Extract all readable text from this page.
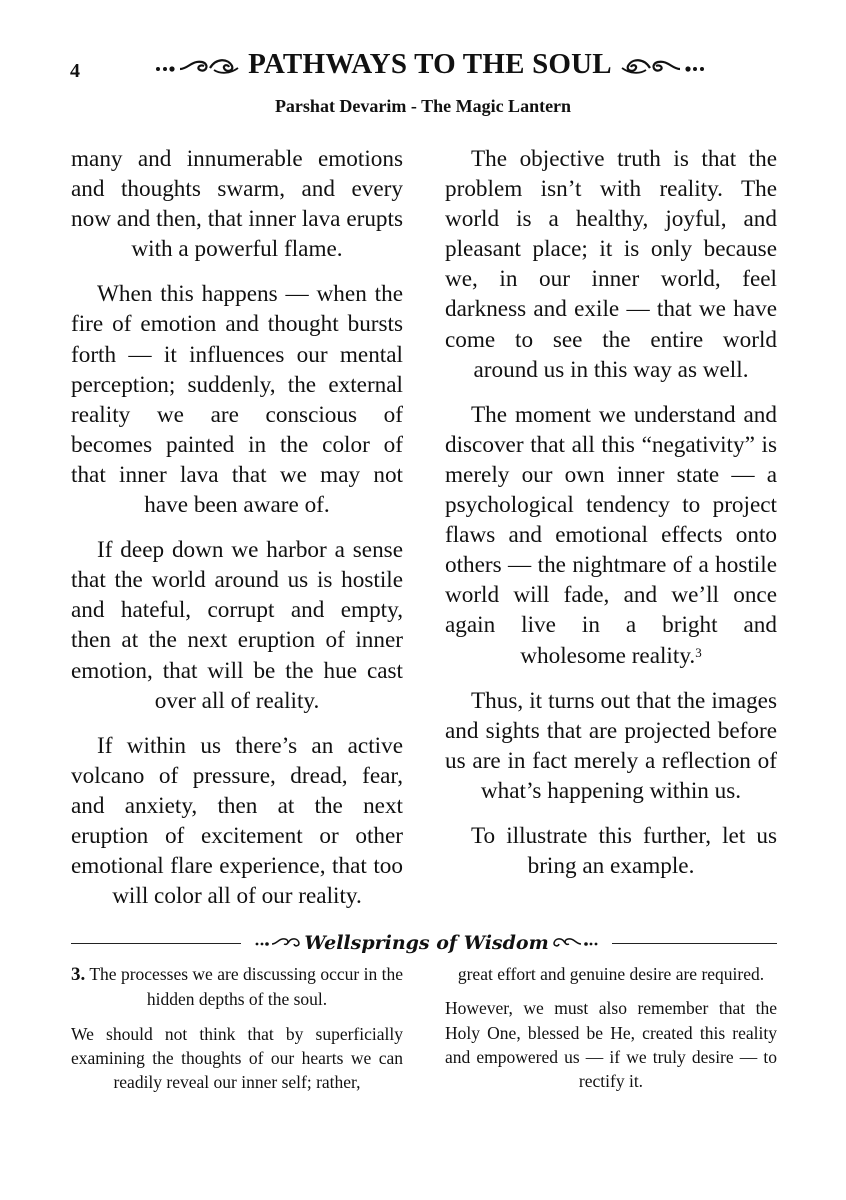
4	PATHWAYS TO THE SOUL
Parshat Devarim - The Magic Lantern

many and innumerable emotions and thoughts swarm, and every now and then, that inner lava erupts with a powerful flame.

When this happens — when the fire of emotion and thought bursts forth — it influences our mental perception; suddenly, the external reality we are conscious of becomes painted in the color of that inner lava that we may not have been aware of.

If deep down we harbor a sense that the world around us is hostile and hateful, corrupt and empty, then at the next eruption of inner emotion, that will be the hue cast over all of reality.

If within us there’s an active volcano of pressure, dread, fear, and anxiety, then at the next eruption of excitement or other emotional flare experience, that too will color all of our reality.

The objective truth is that the problem isn’t with reality. The world is a healthy, joyful, and pleasant place; it is only because we, in our inner world, feel darkness and exile — that we have come to see the entire world around us in this way as well.

The moment we understand and discover that all this “negativity” is merely our own inner state — a psychological tendency to project flaws and emotional effects onto others — the nightmare of a hostile world will fade, and we’ll once again live in a bright and wholesome reality.$^3$

Thus, it turns out that the images and sights that are projected before us are in fact merely a reflection of what’s happening within us.

To illustrate this further, let us bring an example.

Wellsprings of Wisdom

3. The processes we are discussing occur in the hidden depths of the soul.

We should not think that by superficially examining the thoughts of our hearts we can readily reveal our inner self; rather,

great effort and genuine desire are required.

However, we must also remember that the Holy One, blessed be He, created this reality and empowered us — if we truly desire — to rectify it.
